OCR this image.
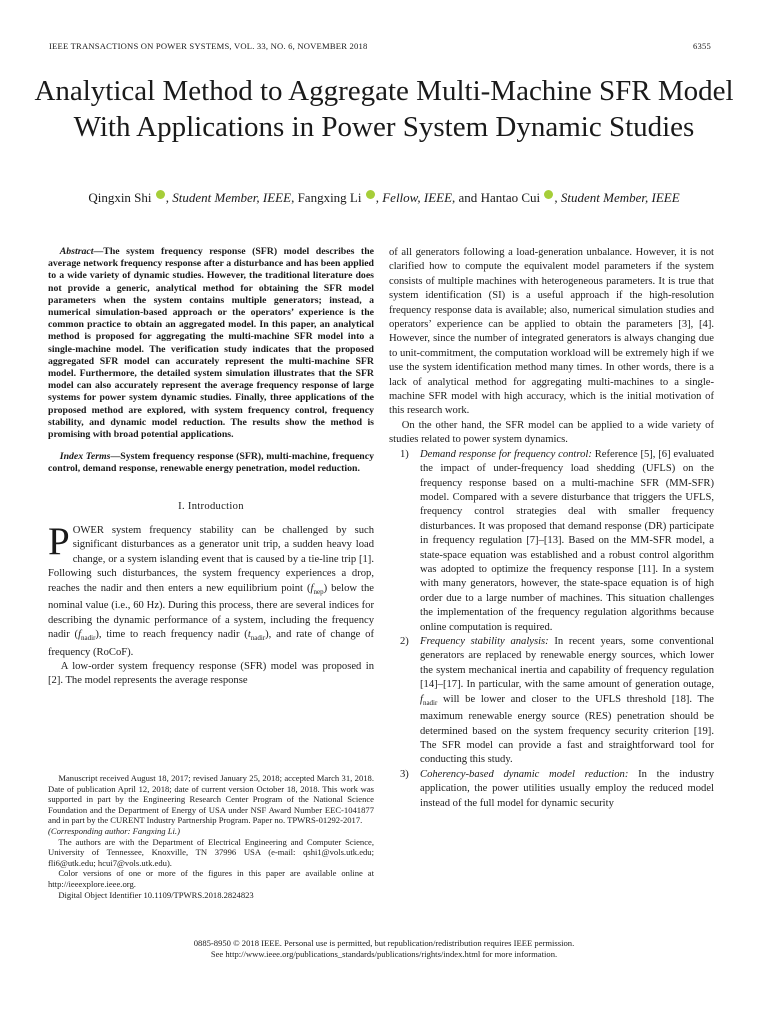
IEEE TRANSACTIONS ON POWER SYSTEMS, VOL. 33, NO. 6, NOVEMBER 2018	6355
Analytical Method to Aggregate Multi-Machine SFR Model With Applications in Power System Dynamic Studies
Qingxin Shi , Student Member, IEEE, Fangxing Li , Fellow, IEEE, and Hantao Cui , Student Member, IEEE

Abstract—The system frequency response (SFR) model describes the average network frequency response after a disturbance and has been applied to a wide variety of dynamic studies. However, the traditional literature does not provide a generic, analytical method for obtaining the SFR model parameters when the system contains multiple generators; instead, a numerical simulation-based approach or the operators’ experience is the common practice to obtain an aggregated model. In this paper, an analytical method is proposed for aggregating the multi-machine SFR model into a single-machine model. The verification study indicates that the proposed aggregated SFR model can accurately represent the multi-machine SFR model. Furthermore, the detailed system simulation illustrates that the SFR model can also accurately represent the average frequency response of large systems for power system dynamic studies. Finally, three applications of the proposed method are explored, with system frequency control, frequency stability, and dynamic model reduction. The results show the method is promising with broad potential applications.

Index Terms—System frequency response (SFR), multi-machine, frequency control, demand response, renewable energy penetration, model reduction.

I. Introduction

POWER system frequency stability can be challenged by such significant disturbances as a generator unit trip, a sudden heavy load change, or a system islanding event that is caused by a tie-line trip [1]. Following such disturbances, the system frequency experiences a drop, reaches the nadir and then enters a new equilibrium point $(f_{nep})$ below the nominal value (i.e., 60 Hz). During this process, there are several indices for describing the dynamic performance of a system, including the frequency nadir $(f_{nadir})$, time to reach frequency nadir $(t_{nadir})$, and rate of change of frequency (RoCoF).

A low-order system frequency response (SFR) model was proposed in [2]. The model represents the average response

Manuscript received August 18, 2017; revised January 25, 2018; accepted March 31, 2018. Date of publication April 12, 2018; date of current version October 18, 2018. This work was supported in part by the Engineering Research Center Program of the National Science Foundation and the Department of Energy of USA under NSF Award Number EEC-1041877 and in part by the CURENT Industry Partnership Program. Paper no. TPWRS-01292-2017.

(Corresponding author: Fangxing Li.)

The authors are with the Department of Electrical Engineering and Computer Science, University of Tennessee, Knoxville, TN 37996 USA (e-mail: qshi1@vols.utk.edu; fli6@utk.edu; hcui7@vols.utk.edu).

Color versions of one or more of the figures in this paper are available online at http://ieeexplore.ieee.org.

Digital Object Identifier 10.1109/TPWRS.2018.2824823

of all generators following a load-generation unbalance. However, it is not clarified how to compute the equivalent model parameters if the system consists of multiple machines with heterogeneous parameters. It is true that system identification (SI) is a useful approach if the high-resolution frequency response data is available; also, numerical simulation studies and operators’ experience can be applied to obtain the parameters [3], [4]. However, since the number of integrated generators is always changing due to unit-commitment, the computation workload will be extremely high if we use the system identification method many times. In other words, there is a lack of analytical method for aggregating multi-machines to a single-machine SFR model with high accuracy, which is the initial motivation of this research work.

On the other hand, the SFR model can be applied to a wide variety of studies related to power system dynamics.

1) Demand response for frequency control: Reference [5], [6] evaluated the impact of under-frequency load shedding (UFLS) on the frequency response based on a multi-machine SFR (MM-SFR) model. Compared with a severe disturbance that triggers the UFLS, frequency control strategies deal with smaller frequency disturbances. It was proposed that demand response (DR) participate in frequency regulation [7]–[13]. Based on the MM-SFR model, a state-space equation was established and a robust control algorithm was adopted to optimize the frequency response [11]. In a system with many generators, however, the state-space equation is of high order due to a large number of machines. This situation challenges the implementation of the frequency regulation algorithms because online computation is required.
2) Frequency stability analysis: In recent years, some conventional generators are replaced by renewable energy sources, which lower the system mechanical inertia and capability of frequency regulation [14]–[17]. In particular, with the same amount of generation outage, $f_{nadir}$ will be lower and closer to the UFLS threshold [18]. The maximum renewable energy source (RES) penetration should be determined based on the system frequency security criterion [19]. The SFR model can provide a fast and straightforward tool for conducting this study.
3) Coherency-based dynamic model reduction: In the industry application, the power utilities usually employ the reduced model instead of the full model for dynamic security
0885-8950 © 2018 IEEE. Personal use is permitted, but republication/redistribution requires IEEE permission.
See http://www.ieee.org/publications_standards/publications/rights/index.html for more information.
